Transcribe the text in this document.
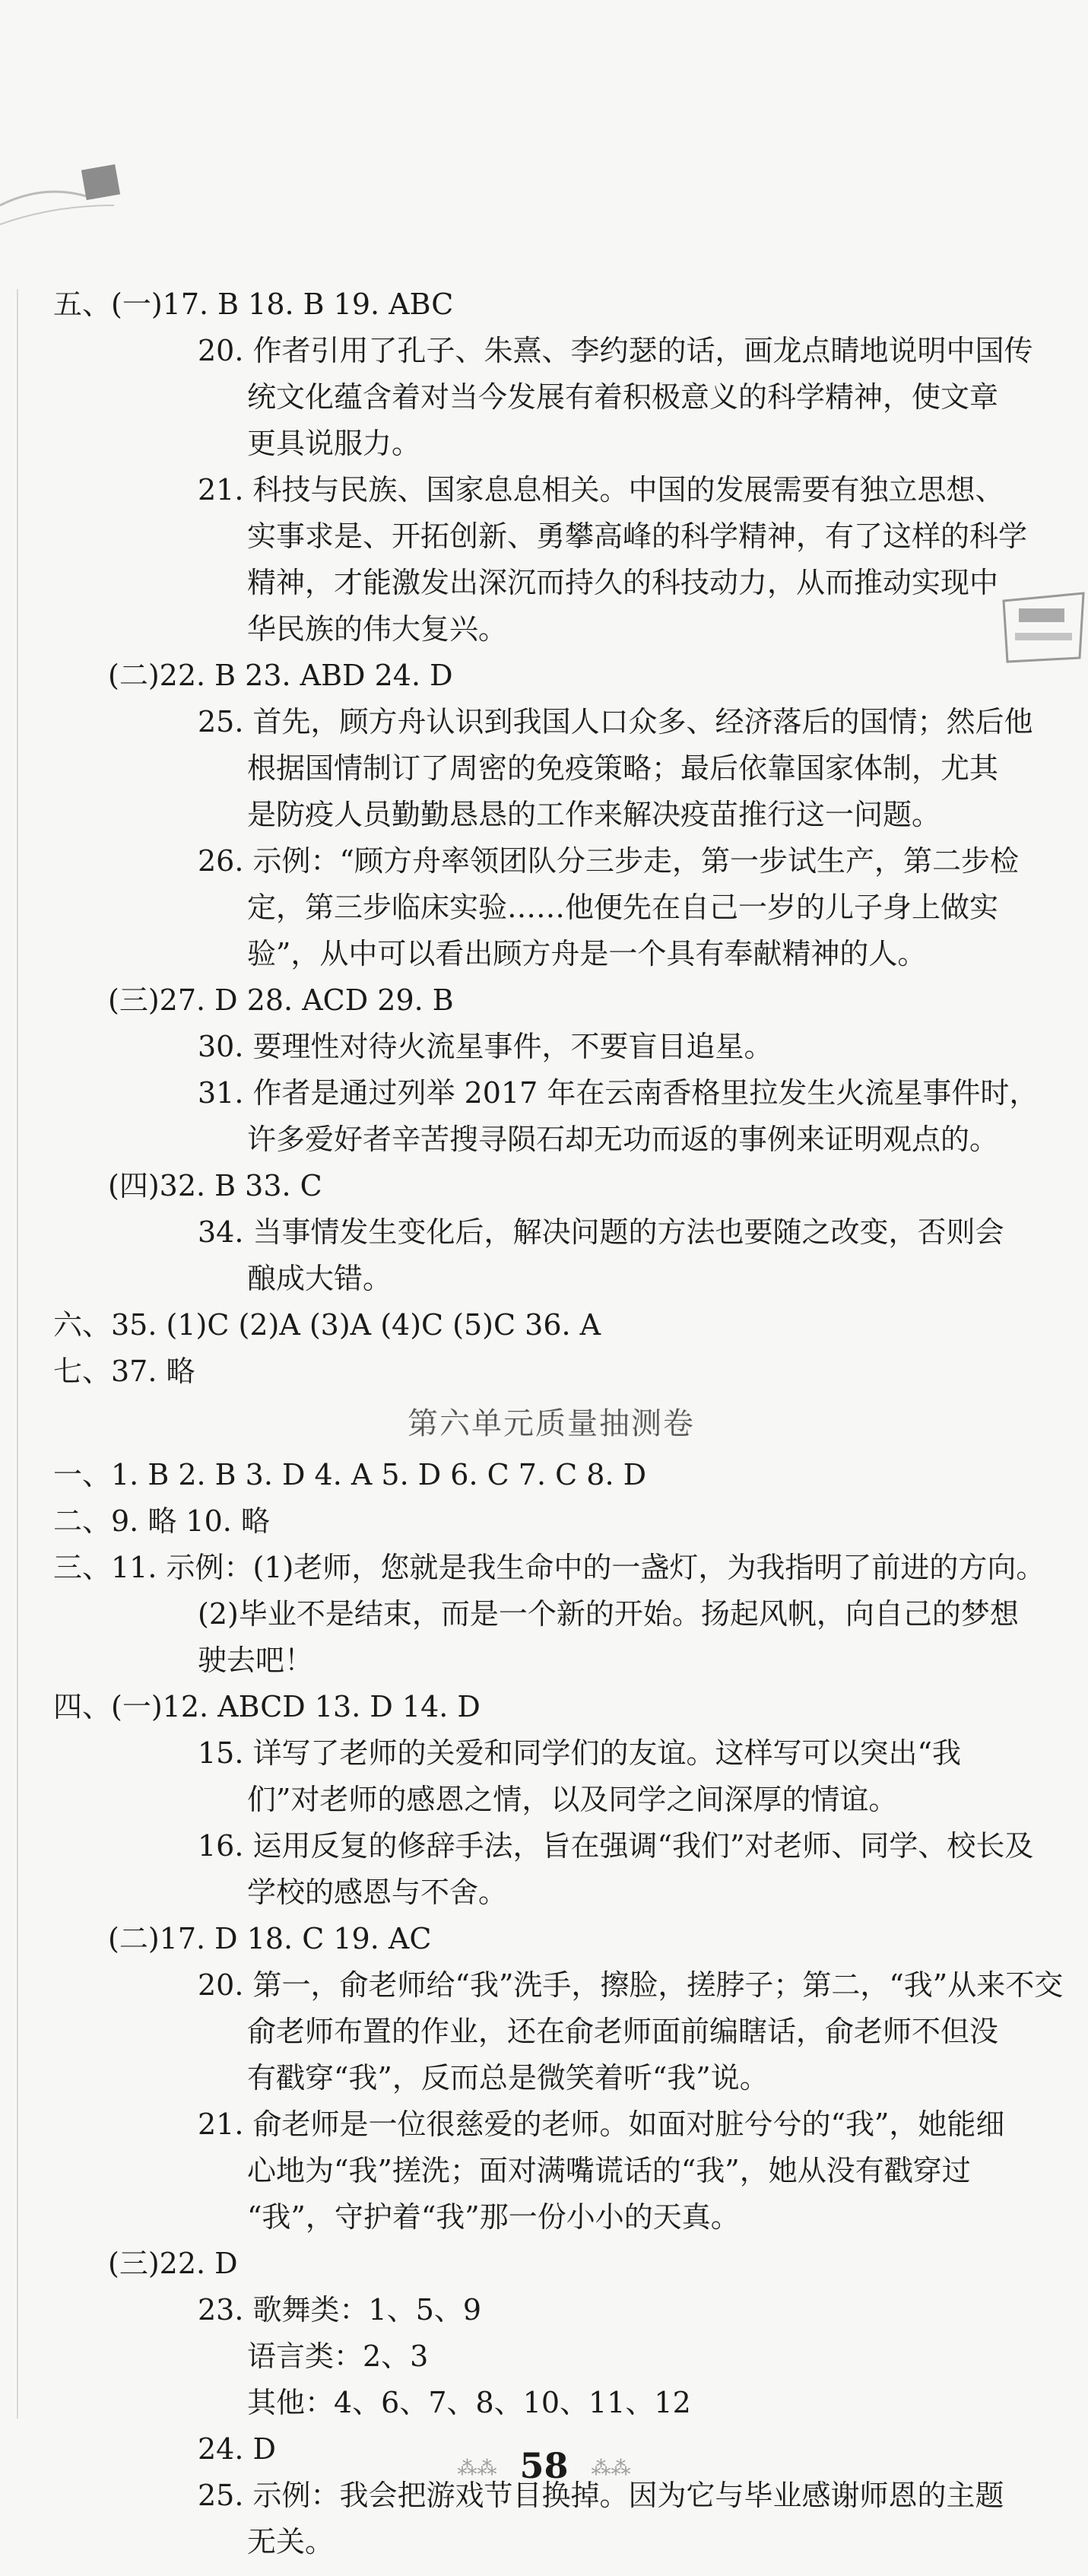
五、(一)17. B 18. B 19. ABC
20. 作者引用了孔子、朱熹、李约瑟的话，画龙点睛地说明中国传
统文化蕴含着对当今发展有着积极意义的科学精神，使文章
更具说服力。
21. 科技与民族、国家息息相关。中国的发展需要有独立思想、
实事求是、开拓创新、勇攀高峰的科学精神，有了这样的科学
精神，才能激发出深沉而持久的科技动力，从而推动实现中
华民族的伟大复兴。
(二)22. B 23. ABD 24. D
25. 首先，顾方舟认识到我国人口众多、经济落后的国情；然后他
根据国情制订了周密的免疫策略；最后依靠国家体制，尤其
是防疫人员勤勤恳恳的工作来解决疫苗推行这一问题。
26. 示例：“顾方舟率领团队分三步走，第一步试生产，第二步检
定，第三步临床实验……他便先在自己一岁的儿子身上做实
验”，从中可以看出顾方舟是一个具有奉献精神的人。
(三)27. D 28. ACD 29. B
30. 要理性对待火流星事件，不要盲目追星。
31. 作者是通过列举 2017 年在云南香格里拉发生火流星事件时，
许多爱好者辛苦搜寻陨石却无功而返的事例来证明观点的。
(四)32. B 33. C
34. 当事情发生变化后，解决问题的方法也要随之改变，否则会
酿成大错。
六、35. (1)C (2)A (3)A (4)C (5)C 36. A
七、37. 略
第六单元质量抽测卷
一、1. B 2. B 3. D 4. A 5. D 6. C 7. C 8. D
二、9. 略 10. 略
三、11. 示例：(1)老师，您就是我生命中的一盏灯，为我指明了前进的方向。
(2)毕业不是结束，而是一个新的开始。扬起风帆，向自己的梦想
驶去吧！
四、(一)12. ABCD 13. D 14. D
15. 详写了老师的关爱和同学们的友谊。这样写可以突出“我
们”对老师的感恩之情，以及同学之间深厚的情谊。
16. 运用反复的修辞手法，旨在强调“我们”对老师、同学、校长及
学校的感恩与不舍。
(二)17. D 18. C 19. AC
20. 第一，俞老师给“我”洗手，擦脸，搓脖子；第二，“我”从来不交
俞老师布置的作业，还在俞老师面前编瞎话，俞老师不但没
有戳穿“我”，反而总是微笑着听“我”说。
21. 俞老师是一位很慈爱的老师。如面对脏兮兮的“我”，她能细
心地为“我”搓洗；面对满嘴谎话的“我”，她从没有戳穿过
“我”，守护着“我”那一份小小的天真。
(三)22. D
23. 歌舞类：1、5、9
语言类：2、3
其他：4、6、7、8、10、11、12
24. D
25. 示例：我会把游戏节目换掉。因为它与毕业感谢师恩的主题
无关。
⁂⁂ 58 ⁂⁂
